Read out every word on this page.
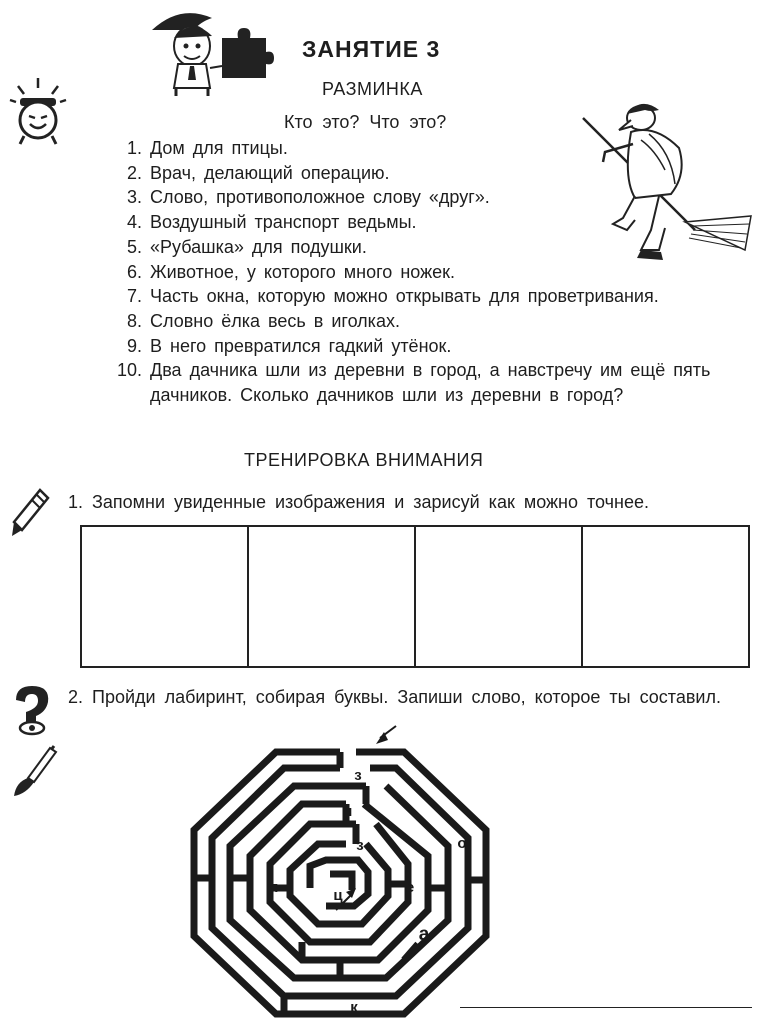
ЗАНЯТИЕ 3
РАЗМИНКА
Кто это? Что это?
1. Дом для птицы.
2. Врач, делающий операцию.
3. Слово, противоположное слову «друг».
4. Воздушный транспорт ведьмы.
5. «Рубашка» для подушки.
6. Животное, у которого много ножек.
7. Часть окна, которую можно открывать для проветривания.
8. Словно ёлка весь в иголках.
9. В него превратился гадкий утёнок.
10. Два дачника шли из деревни в город, а навстречу им ещё пять дачников. Сколько дачников шли из деревни в город?
ТРЕНИРОВКА ВНИМАНИЯ
1. Запомни увиденные изображения и зарисуй как можно точнее.
2. Пройди лабиринт, собирая буквы. Запиши слово, которое ты составил.
з
ч
з	о
я	ц	е
а
к
